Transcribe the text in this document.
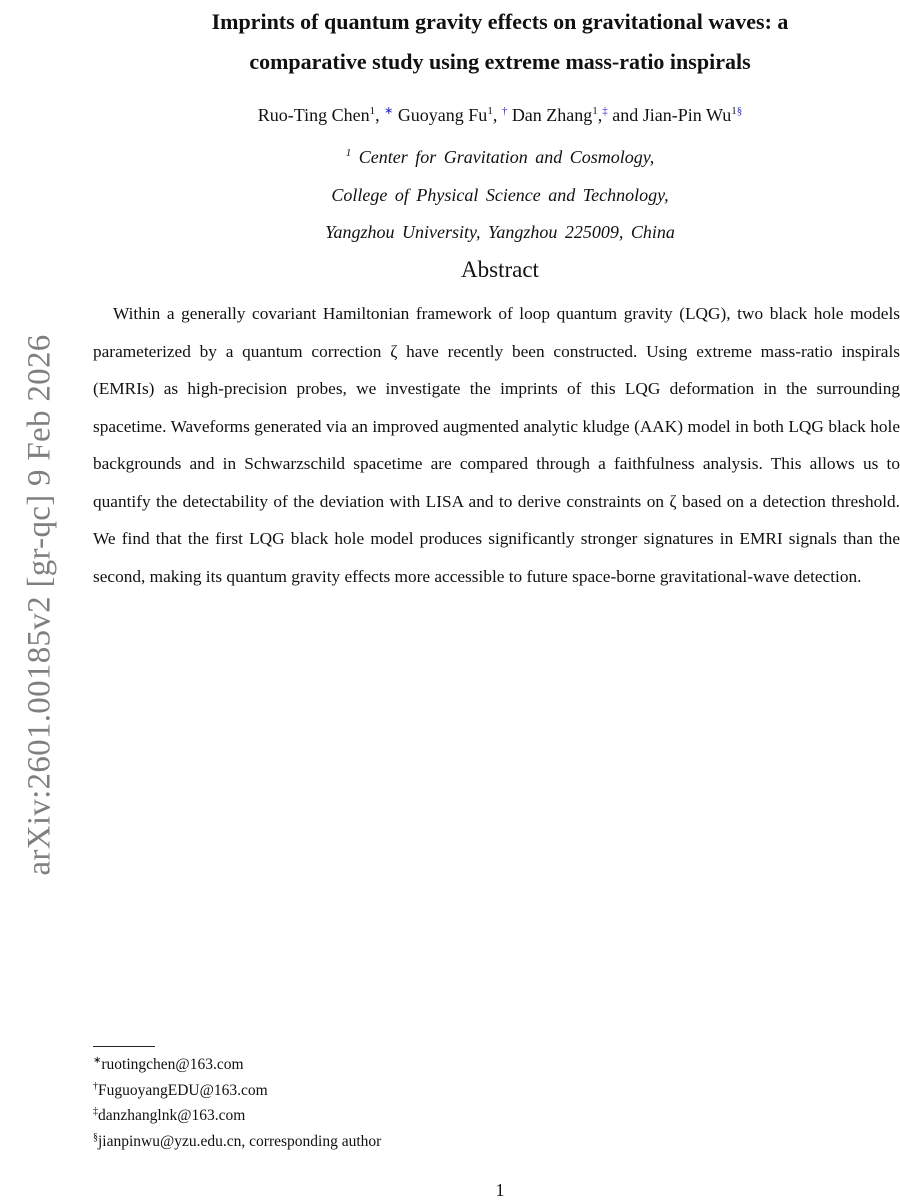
arXiv:2601.00185v2 [gr-qc] 9 Feb 2026
Imprints of quantum gravity effects on gravitational waves: a
comparative study using extreme mass-ratio inspirals
Ruo-Ting Chen$^1$, ∗ Guoyang Fu$^1$, † Dan Zhang$^1$,‡ and Jian-Pin Wu$^{1\S}$
$^1$ Center for Gravitation and Cosmology,
College of Physical Science and Technology,
Yangzhou University, Yangzhou 225009, China
Abstract
Within a generally covariant Hamiltonian framework of loop quantum gravity (LQG), two black hole models parameterized by a quantum correction ζ have recently been constructed. Using extreme mass-ratio inspirals (EMRIs) as high-precision probes, we investigate the imprints of this LQG deformation in the surrounding spacetime. Waveforms generated via an improved augmented analytic kludge (AAK) model in both LQG black hole backgrounds and in Schwarzschild spacetime are compared through a faithfulness analysis. This allows us to quantify the detectability of the deviation with LISA and to derive constraints on ζ based on a detection threshold. We find that the first LQG black hole model produces significantly stronger signatures in EMRI signals than the second, making its quantum gravity effects more accessible to future space-borne gravitational-wave detection.
∗ruotingchen@163.com
†FuguoyangEDU@163.com
‡danzhanglnk@163.com
§jianpinwu@yzu.edu.cn, corresponding author
1
